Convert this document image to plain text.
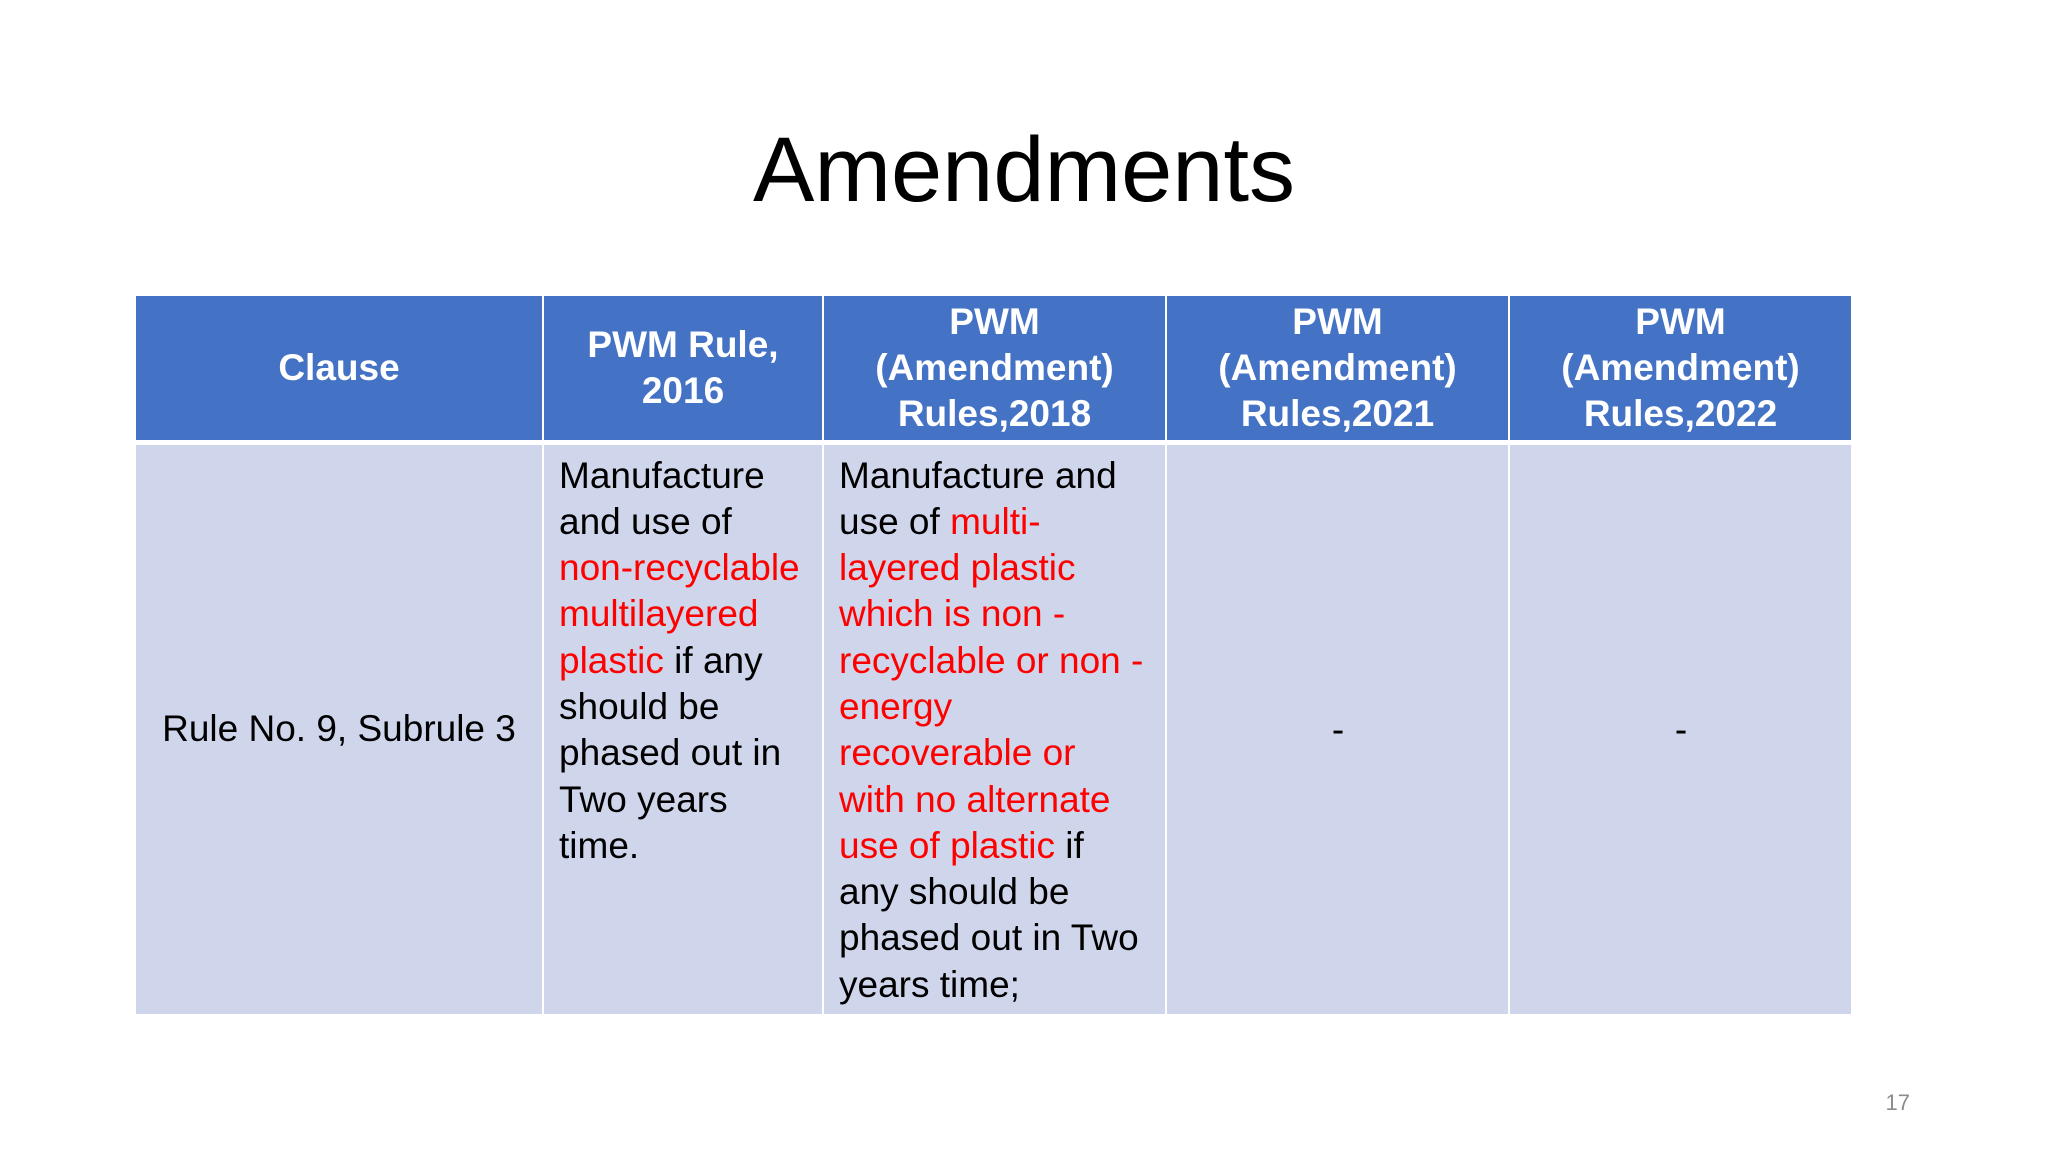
Amendments
Clause	PWM Rule, 2016	PWM (Amendment) Rules,2018	PWM (Amendment) Rules,2021	PWM (Amendment) Rules,2022
Rule No. 9, Subrule 3	Manufacture and use of non-recyclable multilayered plastic if any should be phased out in Two years time.	Manufacture and use of multi-layered plastic which is non -recyclable or non - energy recoverable or with no alternate use of plastic if any should be phased out in Two years time;	-	-
17
